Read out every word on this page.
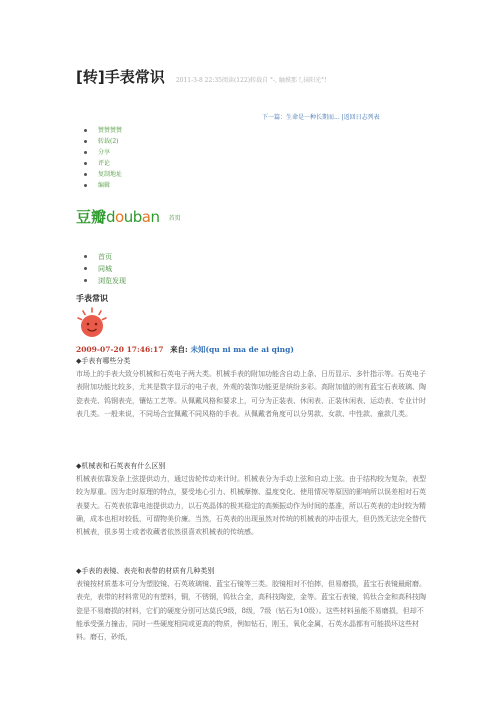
[转]手表常识 2011-3-8 22:35阅读(122)转载自 °-, 触摸那 !,抹阳光°!
下一篇：生命是一种长期而... |返回日志列表
赞赞赞赞
转载(2)
分享
评论
复制地址
编辑
豆瓣douban 首页
首页
同城
浏览发现
手表常识
2009-07-20 17:46:17 来自: 未知(qu ni ma de ai qing)
◆手表有哪些分类
市场上的手表大致分机械和石英电子两大类。机械手表的附加功能含自动上条、日历显示、多针指示等。石英电子表附加功能比较多，尤其是数字显示的电子表，外观的装饰功能更是缤纷多彩。高附加值的则有蓝宝石表玻璃、陶瓷表壳、钨钢表壳，镶钻工艺等。从佩戴风格和要求上，可分为正装表、休闲表、正装休闲表、运动表、专业计时表几类。一般来说，不同场合宜佩戴不同风格的手表。从佩戴者角度可以分男款、女款、中性款、童款几类。
◆机械表和石英表有什么区别
机械表依靠发条上弦提供动力，通过齿轮传动来计时。机械表分为手动上弦和自动上弦。由于结构较为复杂，表型较为厚重。因为走时原理的特点，要受地心引力、机械摩擦、温度变化、使用情况等原因的影响所以误差相对石英表要大。石英表依靠电池提供动力，以石英晶体的极其稳定的高频振动作为时间的基准，所以石英表的走时较为精确，成本也相对较低，可谓物美价廉。当然，石英表的出现虽然对传统的机械表的冲击很大，但仍然无法完全替代机械表，很多男士或者收藏者依然很喜欢机械表的传统感。
◆手表的表镜、表壳和表带的材质有几种类别
表镜按材质基本可分为塑胶镜、石英玻璃镜、蓝宝石镜等三类。胶镜相对不怕摔，但易磨损，蓝宝石表镜最耐磨。表壳，表带的材料常见的有塑料，铜，不锈钢，钨钛合金，高科技陶瓷，金等。蓝宝石表镜，钨钛合金和高科技陶瓷是不易磨损的材料，它们的硬度分别可达莫氏9级，8级，7级（钻石为10级）。这些材料虽能不易磨损，但却不能承受强力撞击，同时一些硬度相同或更高的物质，例如钻石，刚玉，氧化金属，石英水晶都有可能损坏这些材料。磨石，砂纸，
